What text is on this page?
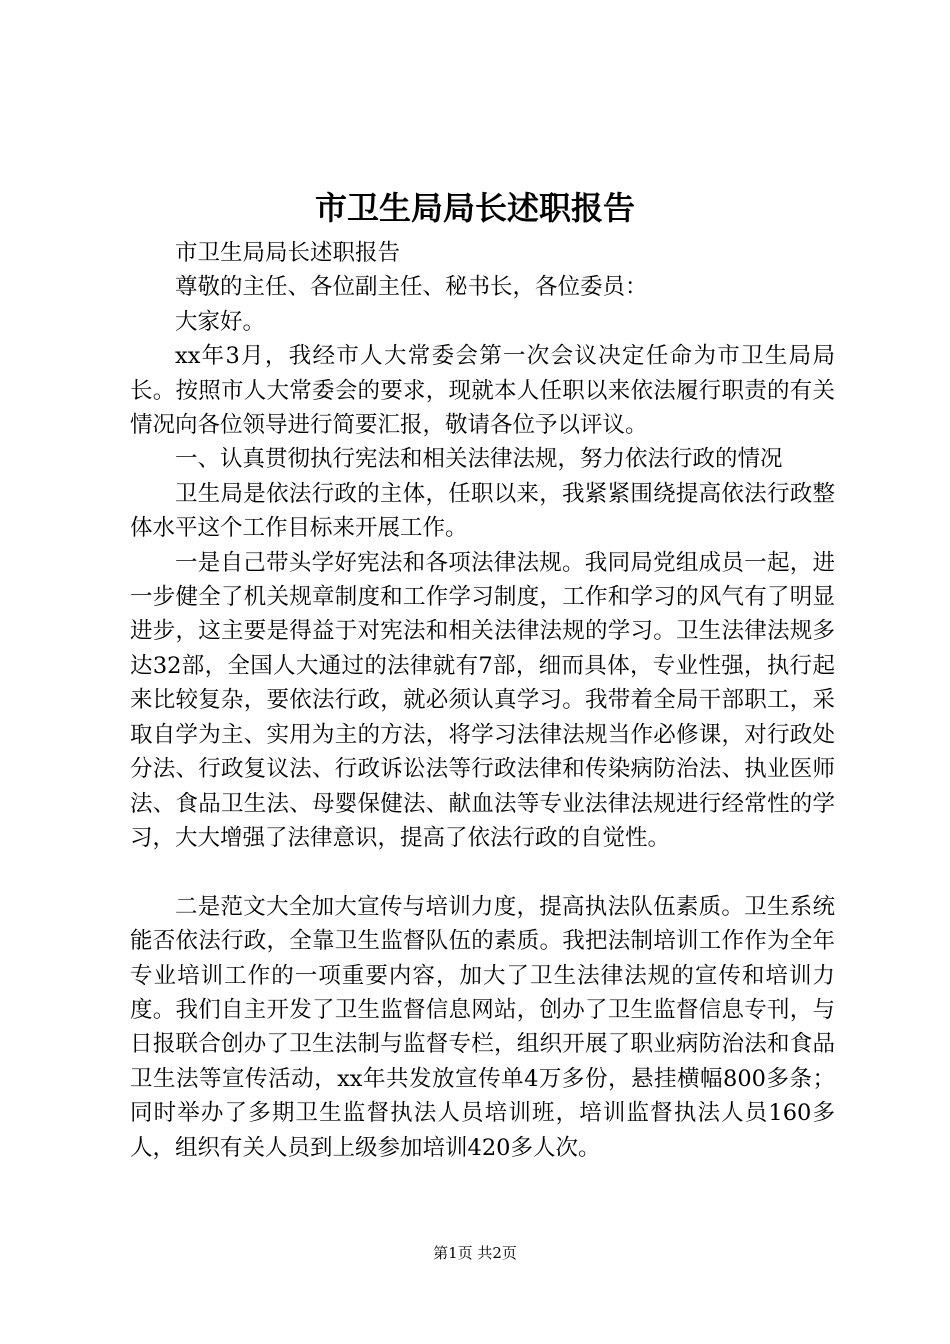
市卫生局局长述职报告

市卫生局局长述职报告

尊敬的主任、各位副主任、秘书长，各位委员：

大家好。

xx年3月，我经市人大常委会第一次会议决定任命为市卫生局局长。按照市人大常委会的要求，现就本人任职以来依法履行职责的有关情况向各位领导进行简要汇报，敬请各位予以评议。

一、认真贯彻执行宪法和相关法律法规，努力依法行政的情况

卫生局是依法行政的主体，任职以来，我紧紧围绕提高依法行政整体水平这个工作目标来开展工作。

一是自己带头学好宪法和各项法律法规。我同局党组成员一起，进一步健全了机关规章制度和工作学习制度，工作和学习的风气有了明显进步，这主要是得益于对宪法和相关法律法规的学习。卫生法律法规多达32部，全国人大通过的法律就有7部，细而具体，专业性强，执行起来比较复杂，要依法行政，就必须认真学习。我带着全局干部职工，采取自学为主、实用为主的方法，将学习法律法规当作必修课，对行政处分法、行政复议法、行政诉讼法等行政法律和传染病防治法、执业医师法、食品卫生法、母婴保健法、献血法等专业法律法规进行经常性的学习，大大增强了法律意识，提高了依法行政的自觉性。

二是范文大全加大宣传与培训力度，提高执法队伍素质。卫生系统能否依法行政，全靠卫生监督队伍的素质。我把法制培训工作作为全年专业培训工作的一项重要内容，加大了卫生法律法规的宣传和培训力度。我们自主开发了卫生监督信息网站，创办了卫生监督信息专刊，与日报联合创办了卫生法制与监督专栏，组织开展了职业病防治法和食品卫生法等宣传活动，xx年共发放宣传单4万多份，悬挂横幅800多条；同时举办了多期卫生监督执法人员培训班，培训监督执法人员160多人，组织有关人员到上级参加培训420多人次。

第1页 共2页
